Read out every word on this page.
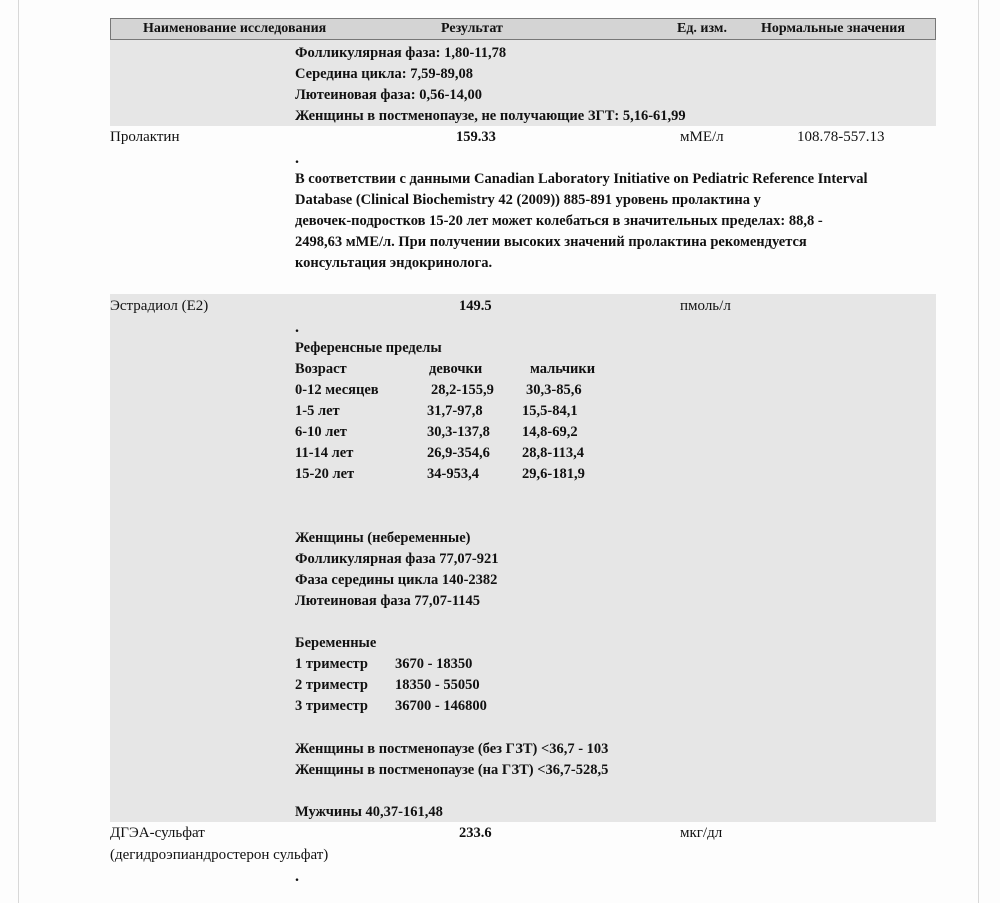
Наименование исследования	Результат	Ед. изм. Нормальные значения
Фолликулярная фаза: 1,80-11,78
Середина цикла: 7,59-89,08
Лютеиновая фаза: 0,56-14,00
Женщины в постменопаузе, не получающие ЗГТ: 5,16-61,99
Пролактин	159.33	мМЕ/л	108.78-557.13
.
В соответствии с данными Canadian Laboratory Initiative on Pediatric Reference Interval
Database (Clinical Biochemistry 42 (2009)) 885-891 уровень пролактина у
девочек-подростков 15-20 лет может колебаться в значительных пределах: 88,8 -
2498,63 мМЕ/л. При получении высоких значений пролактина рекомендуется
консультация эндокринолога.
Эстрадиол (Е2)	149.5	пмоль/л
.
Референсные пределы
Возраст	девочки	мальчики
0-12 месяцев	28,2-155,9 30,3-85,6
1-5 лет	31,7-97,8	15,5-84,1
6-10 лет	30,3-137,8 14,8-69,2
11-14 лет	26,9-354,6 28,8-113,4
15-20 лет	34-953,4	29,6-181,9
Женщины (небеременные)
Фолликулярная фаза 77,07-921
Фаза середины цикла 140-2382
Лютеиновая фаза 77,07-1145
Беременные
1 триместр 3670 - 18350
2 триместр 18350 - 55050
3 триместр 36700 - 146800
Женщины в постменопаузе (без ГЗТ) <36,7 - 103
Женщины в постменопаузе (на ГЗТ) <36,7-528,5
Мужчины 40,37-161,48
ДГЭА-сульфат	233.6	мкг/дл
(дегидроэпиандростерон сульфат)
.
